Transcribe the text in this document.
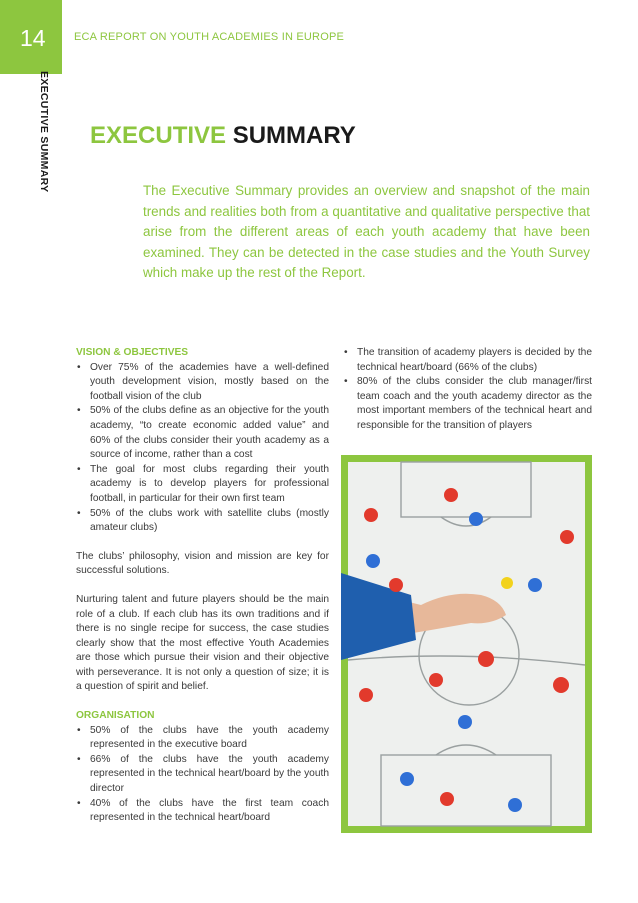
14	ECA REPORT ON YOUTH ACADEMIES IN EUROPE
EXECUTIVE SUMMARY EXECUTIVE SUMMARY

The Executive Summary provides an overview and snapshot of the main trends and realities both from a quantitative and qualitative perspective that arise from the different areas of each youth academy that have been examined. They can be detected in the case studies and the Youth Survey which make up the rest of the Report.

VISION & OBJECTIVES

• Over 75% of the academies have a well-defined youth development vision, mostly based on the football vision of the club
• 50% of the clubs define as an objective for the youth academy, “to create economic added value” and 60% of the clubs consider their youth academy as a source of income, rather than a cost
• The goal for most clubs regarding their youth academy is to develop players for professional football, in particular for their own first team
• 50% of the clubs work with satellite clubs (mostly amateur clubs)

The clubs’ philosophy, vision and mission are key for successful solutions.

Nurturing talent and future players should be the main role of a club. If each club has its own traditions and if there is no single recipe for success, the case studies clearly show that the most effective Youth Academies are those which pursue their vision and their objective with perseverance. It is not only a question of size; it is a question of spirit and belief.

ORGANISATION

• 50% of the clubs have the youth academy represented in the executive board
• 66% of the clubs have the youth academy represented in the technical heart/board by the youth director
• 40% of the clubs have the first team coach represented in the technical heart/board
• The transition of academy players is decided by the technical heart/board (66% of the clubs)
• 80% of the clubs consider the club manager/first team coach and the youth academy director as the most important members of the technical heart and responsible for the transition of players
